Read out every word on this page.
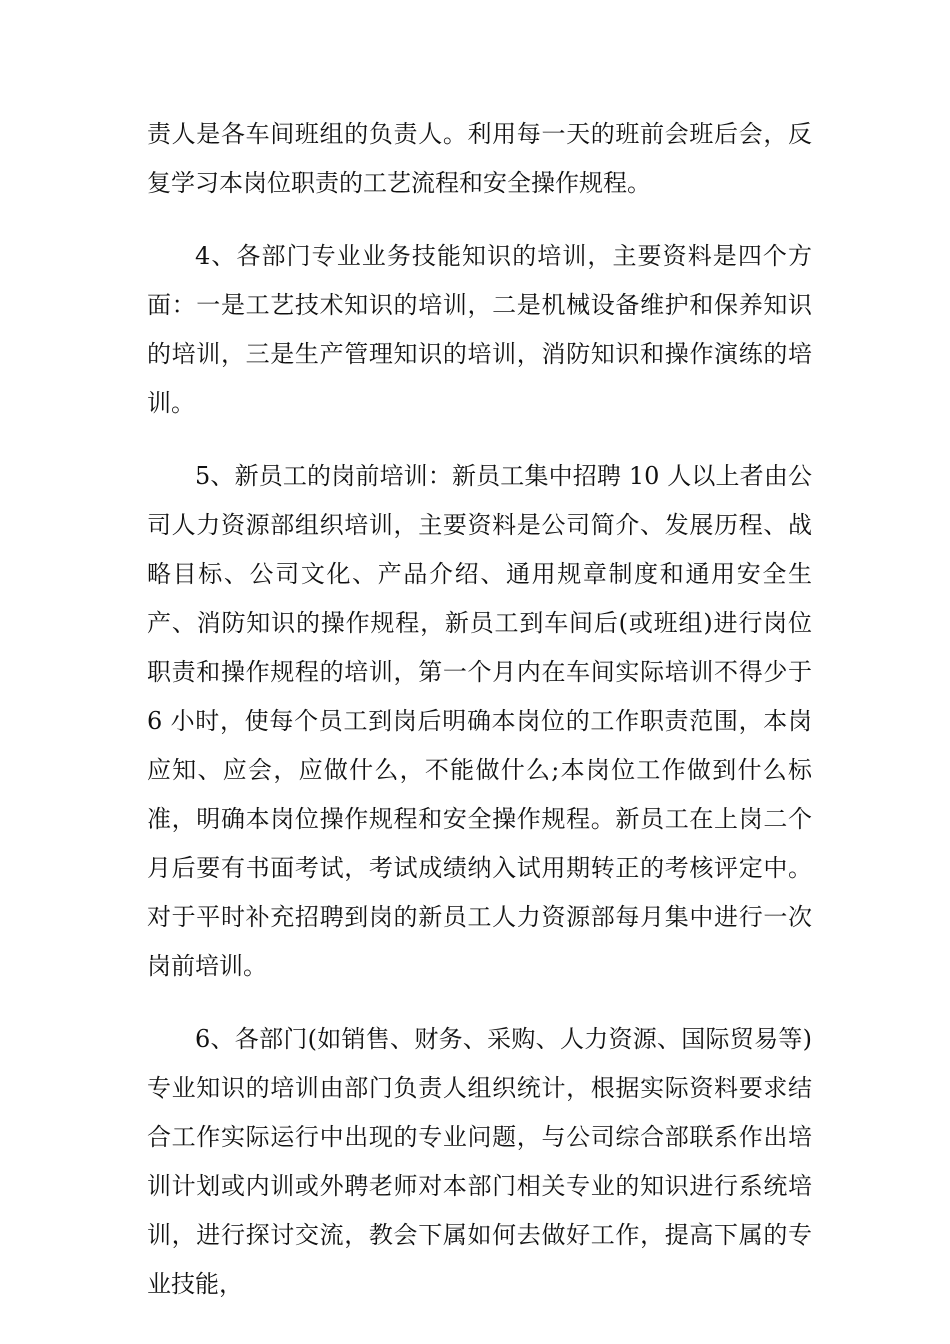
责人是各车间班组的负责人。利用每一天的班前会班后会，反复学习本岗位职责的工艺流程和安全操作规程。

4、各部门专业业务技能知识的培训，主要资料是四个方面：一是工艺技术知识的培训，二是机械设备维护和保养知识的培训，三是生产管理知识的培训，消防知识和操作演练的培训。

5、新员工的岗前培训：新员工集中招聘 10 人以上者由公司人力资源部组织培训，主要资料是公司简介、发展历程、战略目标、公司文化、产品介绍、通用规章制度和通用安全生产、消防知识的操作规程，新员工到车间后(或班组)进行岗位职责和操作规程的培训，第一个月内在车间实际培训不得少于 6 小时，使每个员工到岗后明确本岗位的工作职责范围，本岗应知、应会，应做什么，不能做什么;本岗位工作做到什么标准，明确本岗位操作规程和安全操作规程。新员工在上岗二个月后要有书面考试，考试成绩纳入试用期转正的考核评定中。对于平时补充招聘到岗的新员工人力资源部每月集中进行一次岗前培训。

6、各部门(如销售、财务、采购、人力资源、国际贸易等)专业知识的培训由部门负责人组织统计，根据实际资料要求结合工作实际运行中出现的专业问题，与公司综合部联系作出培训计划或内训或外聘老师对本部门相关专业的知识进行系统培训，进行探讨交流，教会下属如何去做好工作，提高下属的专业技能，
